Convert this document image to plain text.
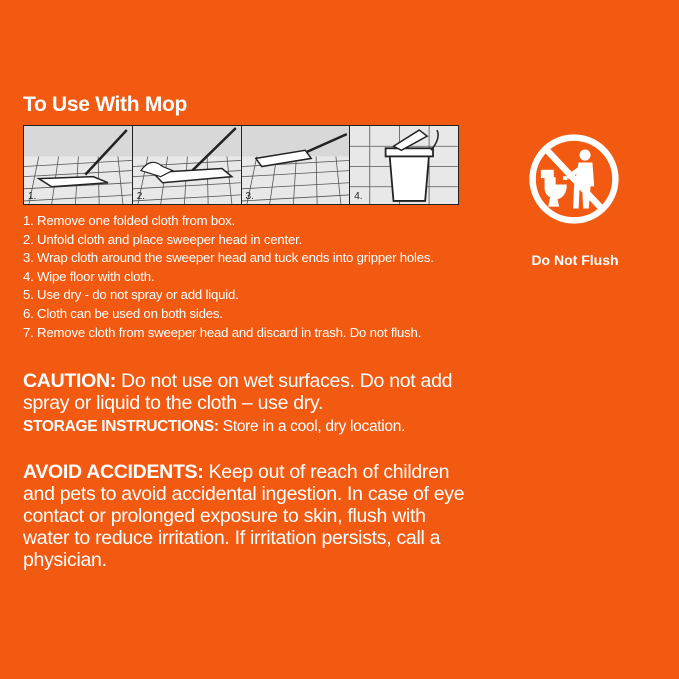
To Use With Mop
1.	2.	3.	4.
1. Remove one folded cloth from box.
2. Unfold cloth and place sweeper head in center.
3. Wrap cloth around the sweeper head and tuck ends into gripper holes.
4. Wipe floor with cloth.
5. Use dry - do not spray or add liquid.
6. Cloth can be used on both sides.
7. Remove cloth from sweeper head and discard in trash. Do not flush.
CAUTION: Do not use on wet surfaces. Do not add spray or liquid to the cloth – use dry.
STORAGE INSTRUCTIONS: Store in a cool, dry location.
AVOID ACCIDENTS: Keep out of reach of children and pets to avoid accidental ingestion. In case of eye contact or prolonged exposure to skin, flush with water to reduce irritation. If irritation persists, call a physician.
Do Not Flush
